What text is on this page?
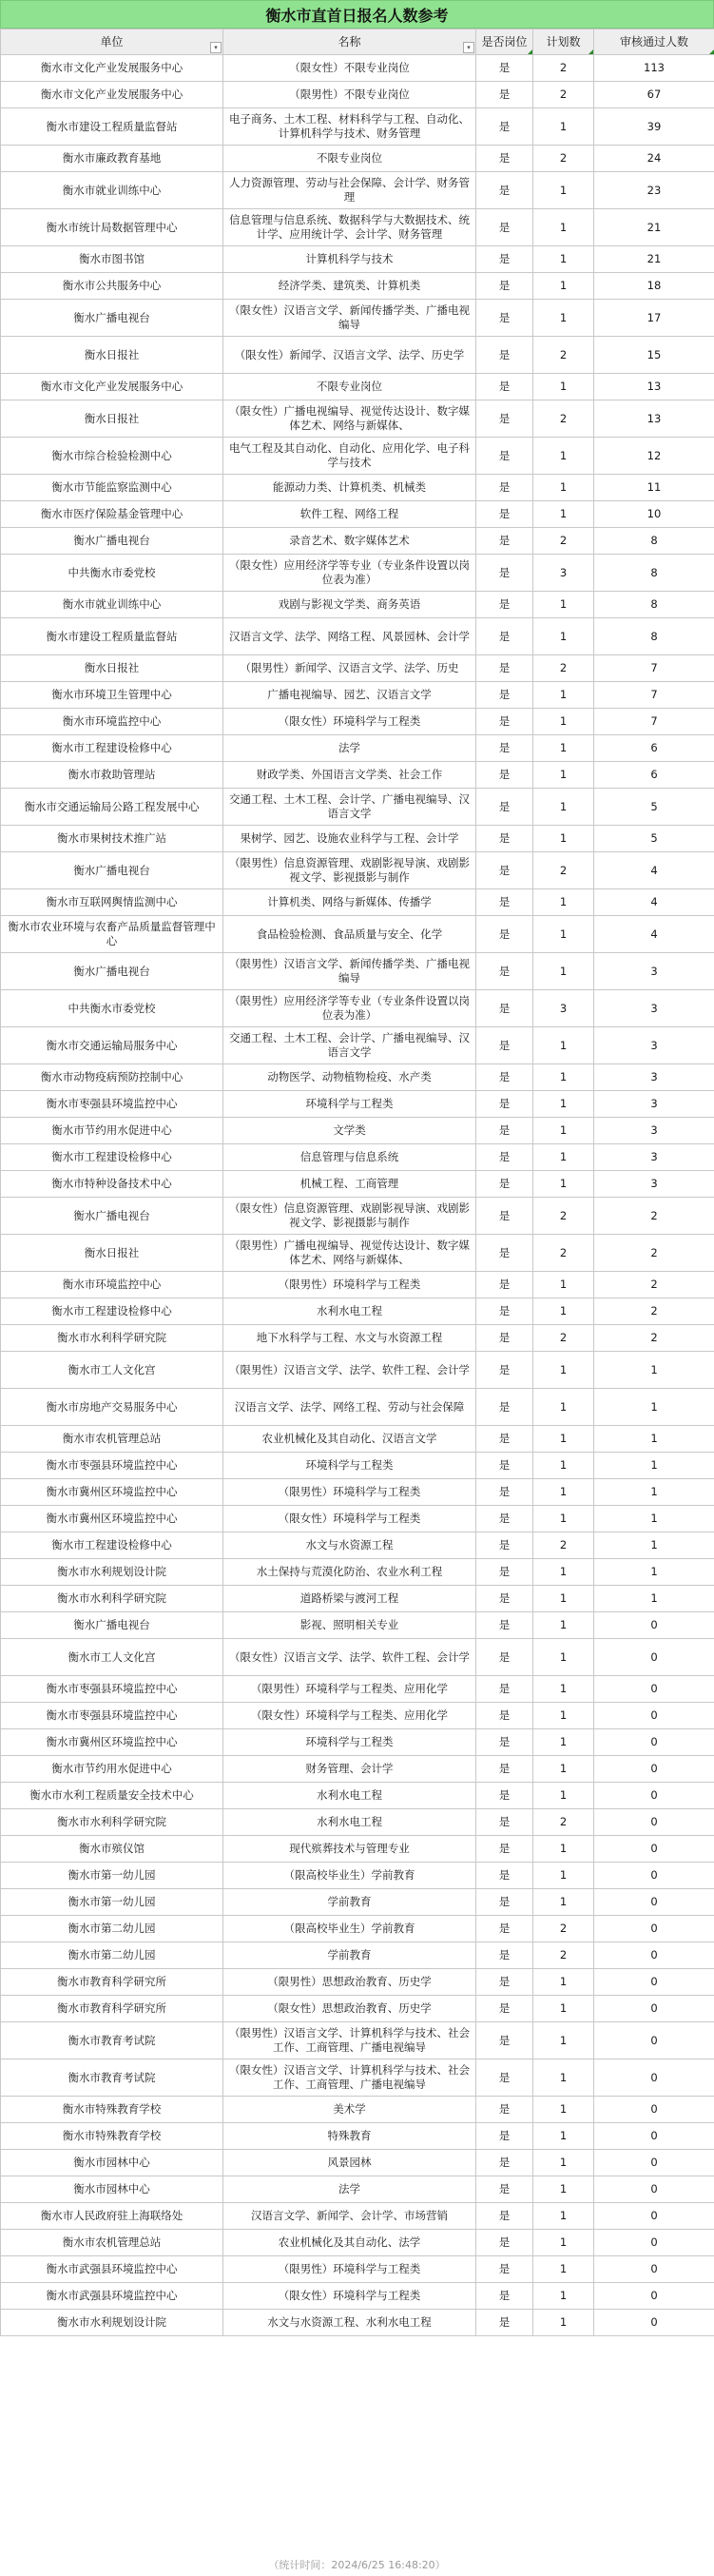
衡水市直首日报名人数参考
单位 ▾	名称 ▾	是否岗位	计划数	审核通过人数

衡水市文化产业发展服务中心	（限女性）不限专业岗位	是	2	113
衡水市文化产业发展服务中心	（限男性）不限专业岗位	是	2	67
衡水市建设工程质量监督站	电子商务、土木工程、材料科学与工程、自动化、计算机科学与技术、财务管理	是	1	39
衡水市廉政教育基地	不限专业岗位	是	2	24
衡水市就业训练中心	人力资源管理、劳动与社会保障、会计学、财务管理	是	1	23
衡水市统计局数据管理中心	信息管理与信息系统、数据科学与大数据技术、统计学、应用统计学、会计学、财务管理	是	1	21
衡水市图书馆	计算机科学与技术	是	1	21
衡水市公共服务中心	经济学类、建筑类、计算机类	是	1	18
衡水广播电视台	（限女性）汉语言文学、新闻传播学类、广播电视编导	是	1	17
衡水日报社	（限女性）新闻学、汉语言文学、法学、历史学	是	2	15
衡水市文化产业发展服务中心	不限专业岗位	是	1	13
衡水日报社	（限女性）广播电视编导、视觉传达设计、数字媒体艺术、网络与新媒体、	是	2	13
衡水市综合检验检测中心	电气工程及其自动化、自动化、应用化学、电子科学与技术	是	1	12
衡水市节能监察监测中心	能源动力类、计算机类、机械类	是	1	11
衡水市医疗保险基金管理中心	软件工程、网络工程	是	1	10
衡水广播电视台	录音艺术、数字媒体艺术	是	2	8
中共衡水市委党校	（限女性）应用经济学等专业（专业条件设置以岗位表为准）	是	3	8
衡水市就业训练中心	戏剧与影视文学类、商务英语	是	1	8
衡水市建设工程质量监督站	汉语言文学、法学、网络工程、风景园林、会计学	是	1	8
衡水日报社	（限男性）新闻学、汉语言文学、法学、历史	是	2	7
衡水市环境卫生管理中心	广播电视编导、园艺、汉语言文学	是	1	7
衡水市环境监控中心	（限女性）环境科学与工程类	是	1	7
衡水市工程建设检修中心	法学	是	1	6
衡水市救助管理站	财政学类、外国语言文学类、社会工作	是	1	6
衡水市交通运输局公路工程发展中心	交通工程、土木工程、会计学、广播电视编导、汉语言文学	是	1	5
衡水市果树技术推广站	果树学、园艺、设施农业科学与工程、会计学	是	1	5
衡水广播电视台	（限男性）信息资源管理、戏剧影视导演、戏剧影视文学、影视摄影与制作	是	2	4
衡水市互联网舆情监测中心	计算机类、网络与新媒体、传播学	是	1	4
衡水市农业环境与农畜产品质量监督管理中心	食品检验检测、食品质量与安全、化学	是	1	4
衡水广播电视台	（限男性）汉语言文学、新闻传播学类、广播电视编导	是	1	3
中共衡水市委党校	（限男性）应用经济学等专业（专业条件设置以岗位表为准）	是	3	3
衡水市交通运输局服务中心	交通工程、土木工程、会计学、广播电视编导、汉语言文学	是	1	3
衡水市动物疫病预防控制中心	动物医学、动物植物检疫、水产类	是	1	3
衡水市枣强县环境监控中心	环境科学与工程类	是	1	3
衡水市节约用水促进中心	文学类	是	1	3
衡水市工程建设检修中心	信息管理与信息系统	是	1	3
衡水市特种设备技术中心	机械工程、工商管理	是	1	3
衡水广播电视台	（限女性）信息资源管理、戏剧影视导演、戏剧影视文学、影视摄影与制作	是	2	2
衡水日报社	（限男性）广播电视编导、视觉传达设计、数字媒体艺术、网络与新媒体、	是	2	2
衡水市环境监控中心	（限男性）环境科学与工程类	是	1	2
衡水市工程建设检修中心	水利水电工程	是	1	2
衡水市水利科学研究院	地下水科学与工程、水文与水资源工程	是	2	2
衡水市工人文化宫	（限男性）汉语言文学、法学、软件工程、会计学	是	1	1
衡水市房地产交易服务中心	汉语言文学、法学、网络工程、劳动与社会保障	是	1	1
衡水市农机管理总站	农业机械化及其自动化、汉语言文学	是	1	1
衡水市枣强县环境监控中心	环境科学与工程类	是	1	1
衡水市冀州区环境监控中心	（限男性）环境科学与工程类	是	1	1
衡水市冀州区环境监控中心	（限女性）环境科学与工程类	是	1	1
衡水市工程建设检修中心	水文与水资源工程	是	2	1
衡水市水利规划设计院	水土保持与荒漠化防治、农业水利工程	是	1	1
衡水市水利科学研究院	道路桥梁与渡河工程	是	1	1
衡水广播电视台	影视、照明相关专业	是	1	0
衡水市工人文化宫	（限女性）汉语言文学、法学、软件工程、会计学	是	1	0
衡水市枣强县环境监控中心	（限男性）环境科学与工程类、应用化学	是	1	0
衡水市枣强县环境监控中心	（限女性）环境科学与工程类、应用化学	是	1	0
衡水市冀州区环境监控中心	环境科学与工程类	是	1	0
衡水市节约用水促进中心	财务管理、会计学	是	1	0
衡水市水利工程质量安全技术中心	水利水电工程	是	1	0
衡水市水利科学研究院	水利水电工程	是	2	0
衡水市殡仪馆	现代殡葬技术与管理专业	是	1	0
衡水市第一幼儿园	（限高校毕业生）学前教育	是	1	0
衡水市第一幼儿园	学前教育	是	1	0
衡水市第二幼儿园	（限高校毕业生）学前教育	是	2	0
衡水市第二幼儿园	学前教育	是	2	0
衡水市教育科学研究所	（限男性）思想政治教育、历史学	是	1	0
衡水市教育科学研究所	（限女性）思想政治教育、历史学	是	1	0
衡水市教育考试院	（限男性）汉语言文学、计算机科学与技术、社会工作、工商管理、广播电视编导	是	1	0
衡水市教育考试院	（限女性）汉语言文学、计算机科学与技术、社会工作、工商管理、广播电视编导	是	1	0
衡水市特殊教育学校	美术学	是	1	0
衡水市特殊教育学校	特殊教育	是	1	0
衡水市园林中心	风景园林	是	1	0
衡水市园林中心	法学	是	1	0
衡水市人民政府驻上海联络处	汉语言文学、新闻学、会计学、市场营销	是	1	0
衡水市农机管理总站	农业机械化及其自动化、法学	是	1	0
衡水市武强县环境监控中心	（限男性）环境科学与工程类	是	1	0
衡水市武强县环境监控中心	（限女性）环境科学与工程类	是	1	0
衡水市水利规划设计院	水文与水资源工程、水利水电工程	是	1	0
（统计时间：2024/6/25 16:48:20）
